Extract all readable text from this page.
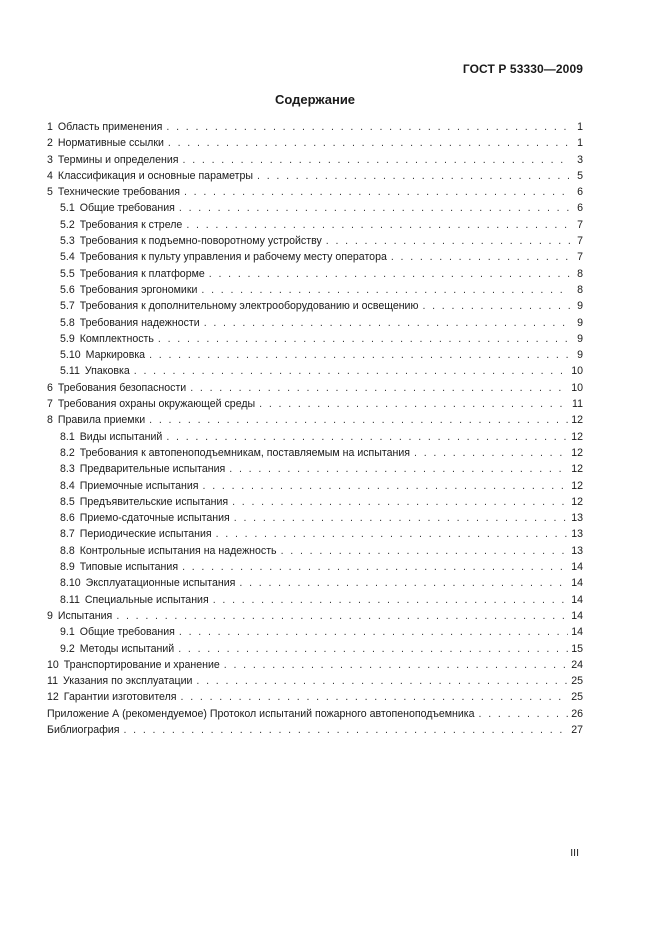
ГОСТ Р 53330—2009
Содержание
1 Область применения . . .	1
2 Нормативные ссылки . . .	1
3 Термины и определения . . .	3
4 Классификация и основные параметры . . .	5
5 Технические требования . . .	6
5.1 Общие требования . . .	6
5.2 Требования к стреле . . .	7
5.3 Требования к подъемно-поворотному устройству . . .	7
5.4 Требования к пульту управления и рабочему месту оператора . . .	7
5.5 Требования к платформе . . .	8
5.6 Требования эргономики . . .	8
5.7 Требования к дополнительному электрооборудованию и освещению . . .	9
5.8 Требования надежности . . .	9
5.9 Комплектность . . .	9
5.10 Маркировка . . .	9
5.11 Упаковка . . .	10
6 Требования безопасности . . .	10
7 Требования охраны окружающей среды . . .	11
8 Правила приемки . . .	12
8.1 Виды испытаний . . .	12
8.2 Требования к автопеноподъемникам, поставляемым на испытания . . .	12
8.3 Предварительные испытания . . .	12
8.4 Приемочные испытания . . .	12
8.5 Предъявительские испытания . . .	12
8.6 Приемо-сдаточные испытания . . .	13
8.7 Периодические испытания . . .	13
8.8 Контрольные испытания на надежность . . .	13
8.9 Типовые испытания . . .	14
8.10 Эксплуатационные испытания . . .	14
8.11 Специальные испытания . . .	14
9 Испытания . . .	14
9.1 Общие требования . . .	14
9.2 Методы испытаний . . .	15
10 Транспортирование и хранение . . .	24
11 Указания по эксплуатации . . .	25
12 Гарантии изготовителя . . .	25
Приложение А (рекомендуемое) Протокол испытаний пожарного автопеноподъемника . . .	26
Библиография . . .	27
III
